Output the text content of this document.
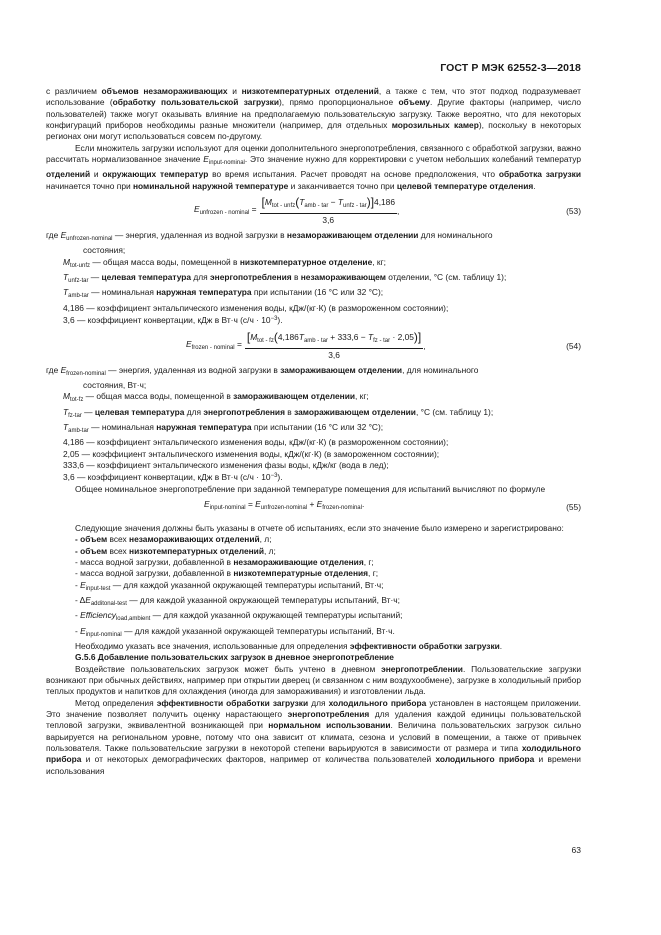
ГОСТ Р МЭК 62552-3—2018

с различием объемов незамораживающих и низкотемпературных отделений, а также с тем, что этот подход подразумевает использование (обработку пользовательской загрузки), прямо пропорциональное объему. Другие факторы (например, число пользователей) также могут оказывать влияние на предполагаемую пользовательскую загрузку. Также вероятно, что для некоторых конфигураций приборов необходимы разные множители (например, для отдельных морозильных камер), поскольку в некоторых регионах они могут использоваться совсем по-другому.

Если множитель загрузки используют для оценки дополнительного энергопотребления, связанного с обработкой загрузки, важно рассчитать нормализованное значение $E_{input-nominal}$. Это значение нужно для корректировки с учетом небольших колебаний температур отделений и окружающих температур во время испытания. Расчет проводят на основе предположения, что обработка загрузки начинается точно при номинальной наружной температуре и заканчивается точно при целевой температуре отделения.

$E_{unfrozen - nominal} = \frac{[M_{tot - unfz}(T_{amb - tar} - T_{unfz - tar})]4,186}{3,6}$ ,	(53)

где $E_{unfrozen-nominal}$ — энергия, удаленная из водной загрузки в незамораживающем отделении для номинального
состояния;

$M_{tot-unfz}$ — общая масса воды, помещенной в низкотемпературное отделение, кг;

$T_{unfz-tar}$ — целевая температура для энергопотребления в незамораживающем отделении, °C (см. таблицу 1);

$T_{amb-tar}$ — номинальная наружная температура при испытании (16 °C или 32 °C);

4,186 — коэффициент энтальпического изменения воды, кДж/(кг·К) (в размороженном состоянии);

3,6 — коэффициент конвертации, кДж в Вт·ч $(с/ч \cdot 10^{-3})$.

$E_{frozen - nominal} = \frac{[M_{tot - fz}(4,186T_{amb - tar} + 333,6 - T_{fz - tar} \cdot 2,05)]}{3,6}$ ,	(54)

где $E_{frozen-nominal}$ — энергия, удаленная из водной загрузки в замораживающем отделении, для номинального
состояния, Вт·ч;

$M_{tot-fz}$ — общая масса воды, помещенной в замораживающем отделении, кг;

$T_{fz-tar}$ — целевая температура для энергопотребления в замораживающем отделении, °C (см. таблицу 1);

$T_{amb-tar}$ — номинальная наружная температура при испытании (16 °C или 32 °C);

4,186 — коэффициент энтальпического изменения воды, кДж/(кг·К) (в размороженном состоянии);

2,05 — коэффициент энтальпического изменения воды, кДж/(кг·К) (в замороженном состоянии);

333,6 — коэффициент энтальпического изменения фазы воды, кДж/кг (вода в лед);

3,6 — коэффициент конвертации, кДж в Вт·ч $(с/ч \cdot 10^{-3})$.

Общее номинальное энергопотребление при заданной температуре помещения для испытаний вычисляют по формуле

$E_{input-nominal} = E_{unfrozen-nominal} + E_{frozen-nominal}$.	(55)

Следующие значения должны быть указаны в отчете об испытаниях, если это значение было измерено и зарегистрировано:

- объем всех незамораживающих отделений, л;

- объем всех низкотемпературных отделений, л;

- масса водной загрузки, добавленной в незамораживающие отделения, г;

- масса водной загрузки, добавленной в низкотемпературные отделения, г;

- $E_{input-test}$ — для каждой указанной окружающей температуры испытаний, Вт·ч;

- $\Delta E_{additonal-test}$ — для каждой указанной окружающей температуры испытаний, Вт·ч;

- Efficiency$_{load,ambient}$ — для каждой указанной окружающей температуры испытаний;

- $E_{input-nominal}$ — для каждой указанной окружающей температуры испытаний, Вт·ч.

Необходимо указать все значения, использованные для определения эффективности обработки загрузки.

G.5.6 Добавление пользовательских загрузок в дневное энергопотребление

Воздействие пользовательских загрузок может быть учтено в дневном энергопотреблении. Пользовательские загрузки возникают при обычных действиях, например при открытии дверец (и связанном с ним воздухообмене), загрузке в холодильный прибор теплых продуктов и напитков для охлаждения (иногда для замораживания) и изготовлении льда.

Метод определения эффективности обработки загрузки для холодильного прибора установлен в настоящем приложении. Это значение позволяет получить оценку нарастающего энергопотребления для удаления каждой единицы пользовательской тепловой загрузки, эквивалентной возникающей при нормальном использовании. Величина пользовательских загрузок сильно варьируется на региональном уровне, потому что она зависит от климата, сезона и условий в помещении, а также от привычек пользователя. Также пользовательские загрузки в некоторой степени варьируются в зависимости от размера и типа холодильного прибора и от некоторых демографических факторов, например от количества пользователей холодильного прибора и времени использования

63
